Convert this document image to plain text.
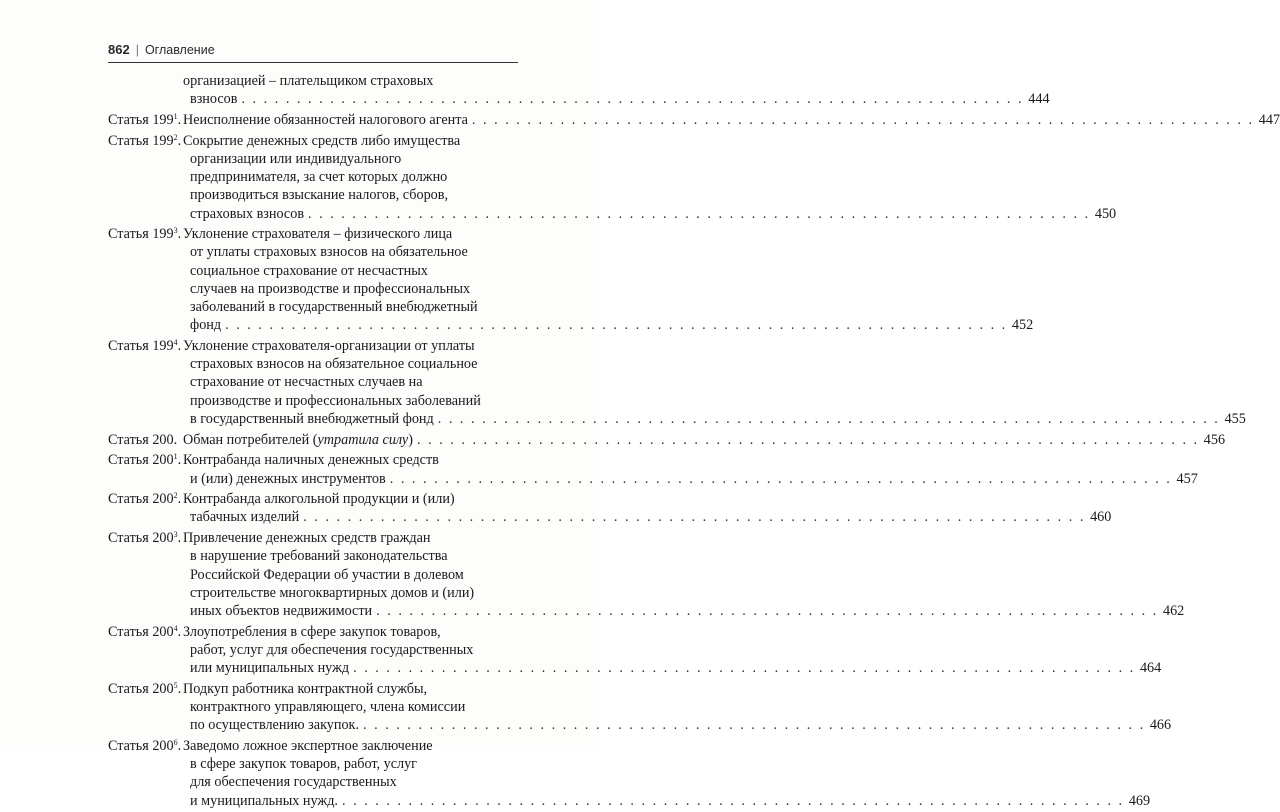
862 | Оглавление
организацией – плательщиком страховых
взносов . . . . . . . . . . . . . . . . . . . . . . . . . . . . . . . . . . . . . . . . . . . . . . . . . . . . . . . . . . . . . . . . . . . . . . . 444
Статья $199^1$. Неисполнение обязанностей налогового агента . . . . . . . . . . . . . . . . . . . . . . . . . . . . . . . . . . . . . . . . . . . . . . . . . . . . . . . . . . . . . . . . . . . . . . . 447
Статья $199^2$. Сокрытие денежных средств либо имущества
организации или индивидуального
предпринимателя, за счет которых должно
производиться взыскание налогов, сборов,
страховых взносов . . . . . . . . . . . . . . . . . . . . . . . . . . . . . . . . . . . . . . . . . . . . . . . . . . . . . . . . . . . . . . . . . . . . . . . 450
Статья $199^3$. Уклонение страхователя – физического лица
от уплаты страховых взносов на обязательное
социальное страхование от несчастных
случаев на производстве и профессиональных
заболеваний в государственный внебюджетный
фонд . . . . . . . . . . . . . . . . . . . . . . . . . . . . . . . . . . . . . . . . . . . . . . . . . . . . . . . . . . . . . . . . . . . . . . . 452
Статья $199^4$. Уклонение страхователя-организации от уплаты
страховых взносов на обязательное социальное
страхование от несчастных случаев на
производстве и профессиональных заболеваний
в государственный внебюджетный фонд . . . . . . . . . . . . . . . . . . . . . . . . . . . . . . . . . . . . . . . . . . . . . . . . . . . . . . . . . . . . . . . . . . . . . . . 455
Статья 200. Обман потребителей (утратила силу) . . . . . . . . . . . . . . . . . . . . . . . . . . . . . . . . . . . . . . . . . . . . . . . . . . . . . . . . . . . . . . . . . . . . . . . 456
Статья $200^1$. Контрабанда наличных денежных средств
и (или) денежных инструментов . . . . . . . . . . . . . . . . . . . . . . . . . . . . . . . . . . . . . . . . . . . . . . . . . . . . . . . . . . . . . . . . . . . . . . . 457
Статья $200^2$. Контрабанда алкогольной продукции и (или)
табачных изделий . . . . . . . . . . . . . . . . . . . . . . . . . . . . . . . . . . . . . . . . . . . . . . . . . . . . . . . . . . . . . . . . . . . . . . . 460
Статья $200^3$. Привлечение денежных средств граждан
в нарушение требований законодательства
Российской Федерации об участии в долевом
строительстве многоквартирных домов и (или)
иных объектов недвижимости . . . . . . . . . . . . . . . . . . . . . . . . . . . . . . . . . . . . . . . . . . . . . . . . . . . . . . . . . . . . . . . . . . . . . . . 462
Статья $200^4$. Злоупотребления в сфере закупок товаров,
работ, услуг для обеспечения государственных
или муниципальных нужд . . . . . . . . . . . . . . . . . . . . . . . . . . . . . . . . . . . . . . . . . . . . . . . . . . . . . . . . . . . . . . . . . . . . . . . 464
Статья $200^5$. Подкуп работника контрактной службы,
контрактного управляющего, члена комиссии
по осуществлению закупок. . . . . . . . . . . . . . . . . . . . . . . . . . . . . . . . . . . . . . . . . . . . . . . . . . . . . . . . . . . . . . . . . . . . . . . . 466
Статья $200^6$. Заведомо ложное экспертное заключение
в сфере закупок товаров, работ, услуг
для обеспечения государственных
и муниципальных нужд. . . . . . . . . . . . . . . . . . . . . . . . . . . . . . . . . . . . . . . . . . . . . . . . . . . . . . . . . . . . . . . . . . . . . . . . 469
